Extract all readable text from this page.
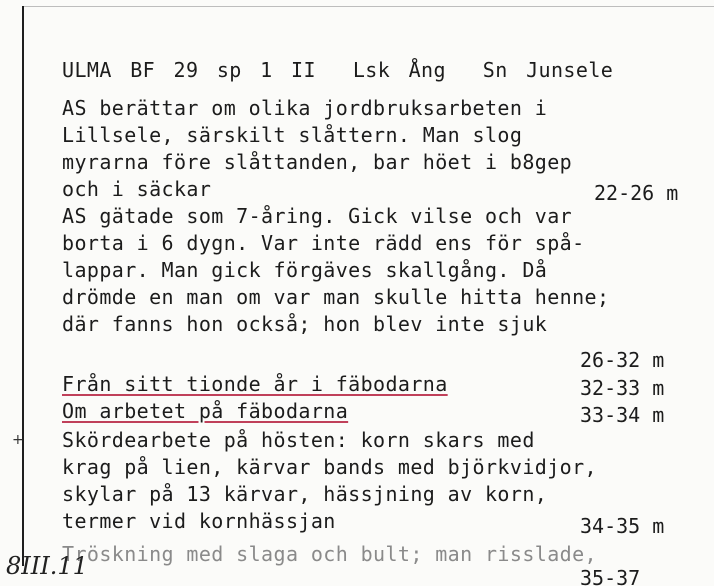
ULMA BF 29 sp 1 II  Lsk Ång  Sn Junsele
AS berättar om olika jordbruksarbeten i
Lillsele, särskilt slåttern. Man slog
myrarna före slåttanden, bar höet i b8gep
och i säckar	22-26 m
AS gätade som 7-åring. Gick vilse och var
borta i 6 dygn. Var inte rädd ens för spå-
lappar. Man gick förgäves skallgång. Då
drömde en man om var man skulle hitta henne;
där fanns hon också; hon blev inte sjuk
26-32 m
Från sitt tionde år i fäbodarna	32-33 m
Om arbetet på fäbodarna	33-34 m
+ Skördearbete på hösten: korn skars med
krag på lien, kärvar bands med björkvidjor,
skylar på 13 kärvar, hässjning av korn,
termer vid kornhässjan	34-35 m
Tröskning med slaga och bult; man risslade,
35-37
8III.11
